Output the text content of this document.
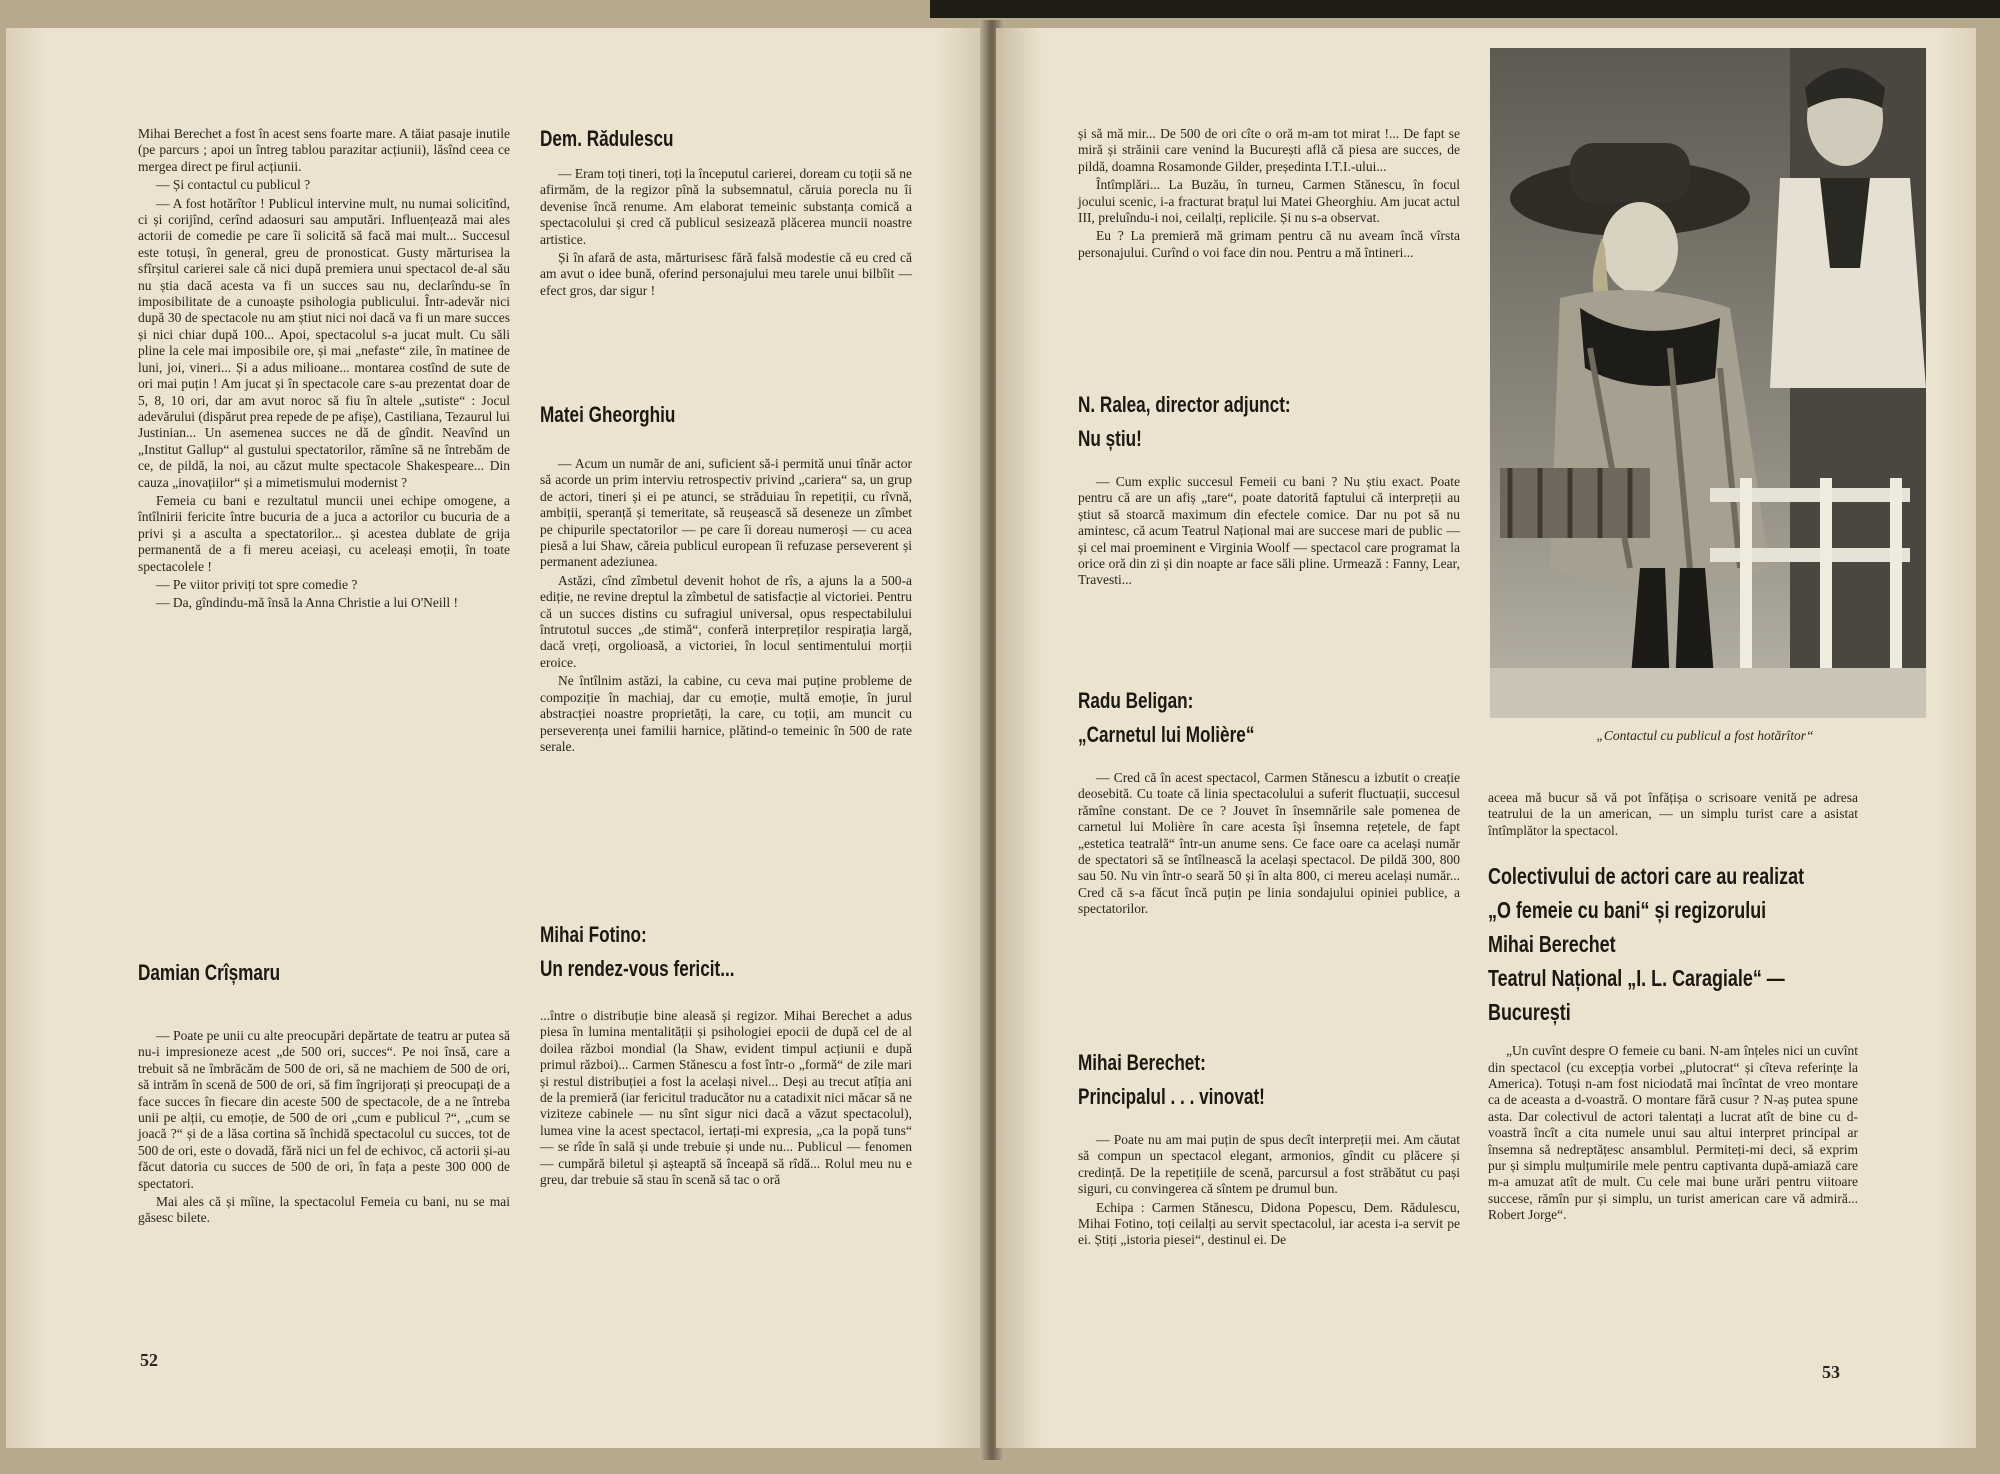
Mihai Berechet a fost în acest sens foarte mare. A tăiat pasaje inutile (pe parcurs ; apoi un întreg tablou parazitar acțiunii), lăsînd ceea ce mergea direct pe firul acțiunii.

— Și contactul cu publicul ?

— A fost hotărîtor ! Publicul intervine mult, nu numai solicitînd, ci și corijînd, cerînd adaosuri sau amputări. Influențează mai ales actorii de comedie pe care îi solicită să facă mai mult... Succesul este totuși, în general, greu de pronosticat. Gusty mărturisea la sfîrșitul carierei sale că nici după premiera unui spectacol de-al său nu știa dacă acesta va fi un succes sau nu, declarîndu-se în imposibilitate de a cunoaște psihologia publicului. Într-adevăr nici după 30 de spectacole nu am știut nici noi dacă va fi un mare succes și nici chiar după 100... Apoi, spectacolul s-a jucat mult. Cu săli pline la cele mai imposibile ore, și mai „nefaste“ zile, în matineе de luni, joi, vineri... Și a adus milioane... montarea costînd de sute de ori mai puțin ! Am jucat și în spectacole care s-au prezentat doar de 5, 8, 10 ori, dar am avut noroc să fiu în altele „sutiste“ : Jocul adevărului (dispărut prea repede de pe afișe), Castiliana, Tezaurul lui Justinian... Un asemenea succes ne dă de gîndit. Neavînd un „Institut Gallup“ al gustului spectatorilor, rămîne să ne întrebăm de ce, de pildă, la noi, au căzut multe spectacole Shakespeare... Din cauza „inovațiilor“ și a mimetismului modernist ?

Femeia cu bani e rezultatul muncii unei echipe omogene, a întîlnirii fericite între bucuria de a juca a actorilor cu bucuria de a privi și a asculta a spectatorilor... și acestea dublate de grija permanentă de a fi mereu aceiași, cu aceleași emoții, în toate spectacolele !

— Pe viitor priviți tot spre comedie ?

— Da, gîndindu-mă însă la Anna Christie a lui O'Neill !

Damian Crîșmaru

— Poate pe unii cu alte preocupări depărtate de teatru ar putea să nu-i impresioneze acest „de 500 ori, succes“. Pe noi însă, care a trebuit să ne îmbrăcăm de 500 de ori, să ne machiem de 500 de ori, să intrăm în scenă de 500 de ori, să fim îngrijorați și preocupați de a face succes în fiecare din aceste 500 de spectacole, de a ne întreba unii pe alții, cu emoție, de 500 de ori „cum e publicul ?“, „cum se joacă ?“ și de a lăsa cortina să închidă spectacolul cu succes, tot de 500 de ori, este o dovadă, fără nici un fel de echivoc, că actorii și-au făcut datoria cu succes de 500 de ori, în fața a peste 300 000 de spectatori.

Mai ales că și mîine, la spectacolul Femeia cu bani, nu se mai găsesc bilete.

Dem. Rădulescu

— Eram toți tineri, toți la începutul carierei, doream cu toții să ne afirmăm, de la regizor pînă la subsemnatul, căruia porecla nu îi devenise încă renume. Am elaborat temeinic substanța comică a spectacolului și cred că publicul sesizează plăcerea muncii noastre artistice.

Și în afară de asta, mărturisesc fără falsă modestie că eu cred că am avut o idee bună, oferind personajului meu tarele unui bilbîit — efect gros, dar sigur !

Matei Gheorghiu

— Acum un număr de ani, suficient să-i permită unui tînăr actor să acorde un prim interviu retrospectiv privind „cariera“ sa, un grup de actori, tineri și ei pe atunci, se străduiau în repetiții, cu rîvnă, ambiții, speranță și temeritate, să reușească să deseneze un zîmbet pe chipurile spectatorilor — pe care îi doreau numeroși — cu acea piesă a lui Shaw, căreia publicul european îi refuzase perseverent și permanent adeziunea.

Astăzi, cînd zîmbetul devenit hohot de rîs, a ajuns la a 500-a ediție, ne revine dreptul la zîmbetul de satisfacție al victoriei. Pentru că un succes distins cu sufragiul universal, opus respectabilului întrutotul succes „de stimă“, conferă interpreților respirația largă, dacă vreți, orgolioasă, a victoriei, în locul sentimentului morții eroice.

Ne întîlnim astăzi, la cabine, cu ceva mai puține probleme de compoziție în machiaj, dar cu emoție, multă emoție, în jurul abstracției noastre proprietăți, la care, cu toții, am muncit cu perseverența unei familii harnice, plătind-o temeinic în 500 de rate serale.

Mihai Fotino:
Un rendez-vous fericit...

...între o distribuție bine aleasă și regizor. Mihai Berechet a adus piesa în lumina mentalității și psihologiei epocii de după cel de al doilea război mondial (la Shaw, evident timpul acțiunii e după primul război)... Carmen Stănescu a fost într-o „formă“ de zile mari și restul distribuției a fost la același nivel... Deși au trecut atîția ani de la premieră (iar fericitul traducător nu a catadixit nici măcar să ne viziteze cabinele — nu sînt sigur nici dacă a văzut spectacolul), lumea vine la acest spectacol, iertați-mi expresia, „ca la popă tuns“ — se rîde în sală și unde trebuie și unde nu... Publicul — fenomen — cumpără biletul și așteaptă să înceapă să rîdă... Rolul meu nu e greu, dar trebuie să stau în scenă să tac o oră

52

și să mă mir... De 500 de ori cîte o oră m-am tot mirat !... De fapt se miră și străinii care venind la București află că piesa are succes, de pildă, doamna Rosamonde Gilder, președinta I.T.I.-ului...

Întîmplări... La Buzău, în turneu, Carmen Stănescu, în focul jocului scenic, i-a fracturat brațul lui Matei Gheorghiu. Am jucat actul III, preluîndu-i noi, ceilalți, replicile. Și nu s-a observat.

Eu ? La premieră mă grimam pentru că nu aveam încă vîrsta personajului. Curînd o voi face din nou. Pentru a mă întineri...

N. Ralea, director adjunct:
Nu știu!

— Cum explic succesul Femeii cu bani ? Nu știu exact. Poate pentru că are un afiș „tare“, poate datorită faptului că interpreții au știut să stoarcă maximum din efectele comice. Dar nu pot să nu amintesc, că acum Teatrul Național mai are succese mari de public — și cel mai proeminent e Virginia Woolf — spectacol care programat la orice oră din zi și din noapte ar face săli pline. Urmează : Fanny, Lear, Travesti...

Radu Beligan:
„Carnetul lui Molière“

— Cred că în acest spectacol, Carmen Stănescu a izbutit o creație deosebită. Cu toate că linia spectacolului a suferit fluctuații, succesul rămîne constant. De ce ? Jouvet în însemnările sale pomenea de carnetul lui Molière în care acesta își însemna rețetele, de fapt „estetica teatrală“ într-un anume sens. Ce face oare ca același număr de spectatori să se întîlnească la același spectacol. De pildă 300, 800 sau 50. Nu vin într-o seară 50 și în alta 800, ci mereu același număr... Cred că s-a făcut încă puțin pe linia sondajului opiniei publice, a spectatorilor.

Mihai Berechet:
Principalul . . . vinovat!

— Poate nu am mai puțin de spus decît interpreții mei. Am căutat să compun un spectacol elegant, armonios, gîndit cu plăcere și credință. De la repetițiile de scenă, parcursul a fost străbătut cu pași siguri, cu convingerea că sîntem pe drumul bun.

Echipa : Carmen Stănescu, Didona Popescu, Dem. Rădulescu, Mihai Fotino, toți ceilalți au servit spectacolul, iar acesta i-a servit pe ei. Știți „istoria piesei“, destinul ei. De

„Contactul cu publicul a fost hotărîtor“

aceea mă bucur să vă pot înfățișa o scrisoare venită pe adresa teatrului de la un american, — un simplu turist care a asistat întîmplător la spectacol.

Colectivului de actori care au realizat
„O femeie cu bani“ și regizorului
Mihai Berechet
Teatrul Național „I. L. Caragiale“ —
București

„Un cuvînt despre O femeie cu bani. N-am înțeles nici un cuvînt din spectacol (cu excepția vorbei „plutocrat“ și cîteva referințe la America). Totuși n-am fost niciodată mai încîntat de vreo montare ca de aceasta a d-voastră. O montare fără cusur ? N-aș putea spune asta. Dar colectivul de actori talentați a lucrat atît de bine cu d-voastră încît a cita numele unui sau altui interpret principal ar însemna să nedreptățesc ansamblul. Permiteți-mi deci, să exprim pur și simplu mulțumirile mele pentru captivanta după-amiază care m-a amuzat atît de mult. Cu cele mai bune urări pentru viitoare succese, rămîn pur și simplu, un turist american care vă admiră... Robert Jorge“.

53
